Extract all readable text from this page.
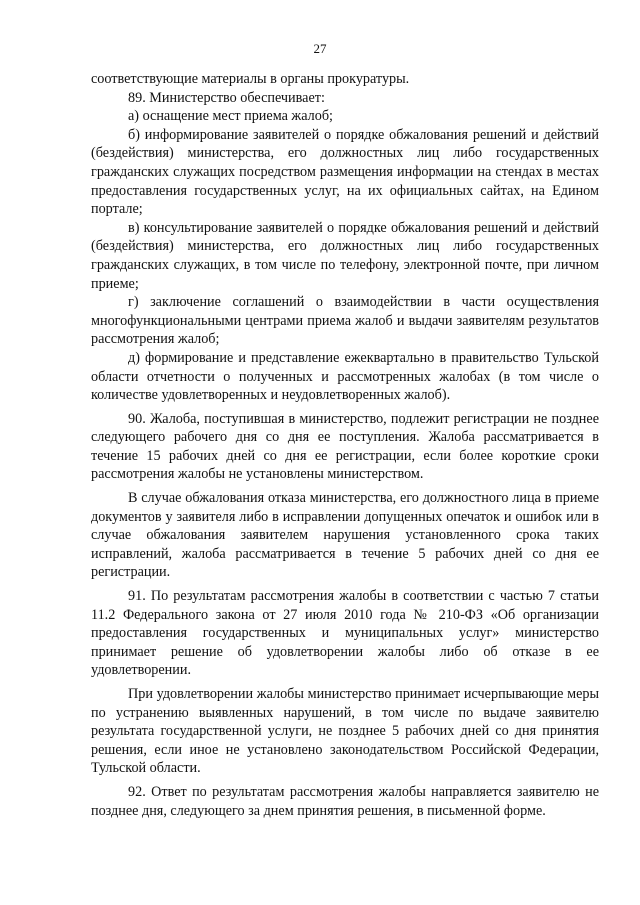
27

соответствующие материалы в органы прокуратуры.

89. Министерство обеспечивает:

а) оснащение мест приема жалоб;

б) информирование заявителей о порядке обжалования решений и действий (бездействия) министерства, его должностных лиц либо государственных гражданских служащих посредством размещения информации на стендах в местах предоставления государственных услуг, на их официальных сайтах, на Едином портале;

в) консультирование заявителей о порядке обжалования решений и действий (бездействия) министерства, его должностных лиц либо государственных гражданских служащих, в том числе по телефону, электронной почте, при личном приеме;

г) заключение соглашений о взаимодействии в части осуществления многофункциональными центрами приема жалоб и выдачи заявителям результатов рассмотрения жалоб;

д) формирование и представление ежеквартально в правительство Тульской области отчетности о полученных и рассмотренных жалобах (в том числе о количестве удовлетворенных и неудовлетворенных жалоб).

90. Жалоба, поступившая в министерство, подлежит регистрации не позднее следующего рабочего дня со дня ее поступления. Жалоба рассматривается в течение 15 рабочих дней со дня ее регистрации, если более короткие сроки рассмотрения жалобы не установлены министерством.

В случае обжалования отказа министерства, его должностного лица в приеме документов у заявителя либо в исправлении допущенных опечаток и ошибок или в случае обжалования заявителем нарушения установленного срока таких исправлений, жалоба рассматривается в течение 5 рабочих дней со дня ее регистрации.

91. По результатам рассмотрения жалобы в соответствии с частью 7 статьи 11.2 Федерального закона от 27 июля 2010 года № 210-ФЗ «Об организации предоставления государственных и муниципальных услуг» министерство принимает решение об удовлетворении жалобы либо об отказе в ее удовлетворении.

При удовлетворении жалобы министерство принимает исчерпывающие меры по устранению выявленных нарушений, в том числе по выдаче заявителю результата государственной услуги, не позднее 5 рабочих дней со дня принятия решения, если иное не установлено законодательством Российской Федерации, Тульской области.

92. Ответ по результатам рассмотрения жалобы направляется заявителю не позднее дня, следующего за днем принятия решения, в письменной форме.
